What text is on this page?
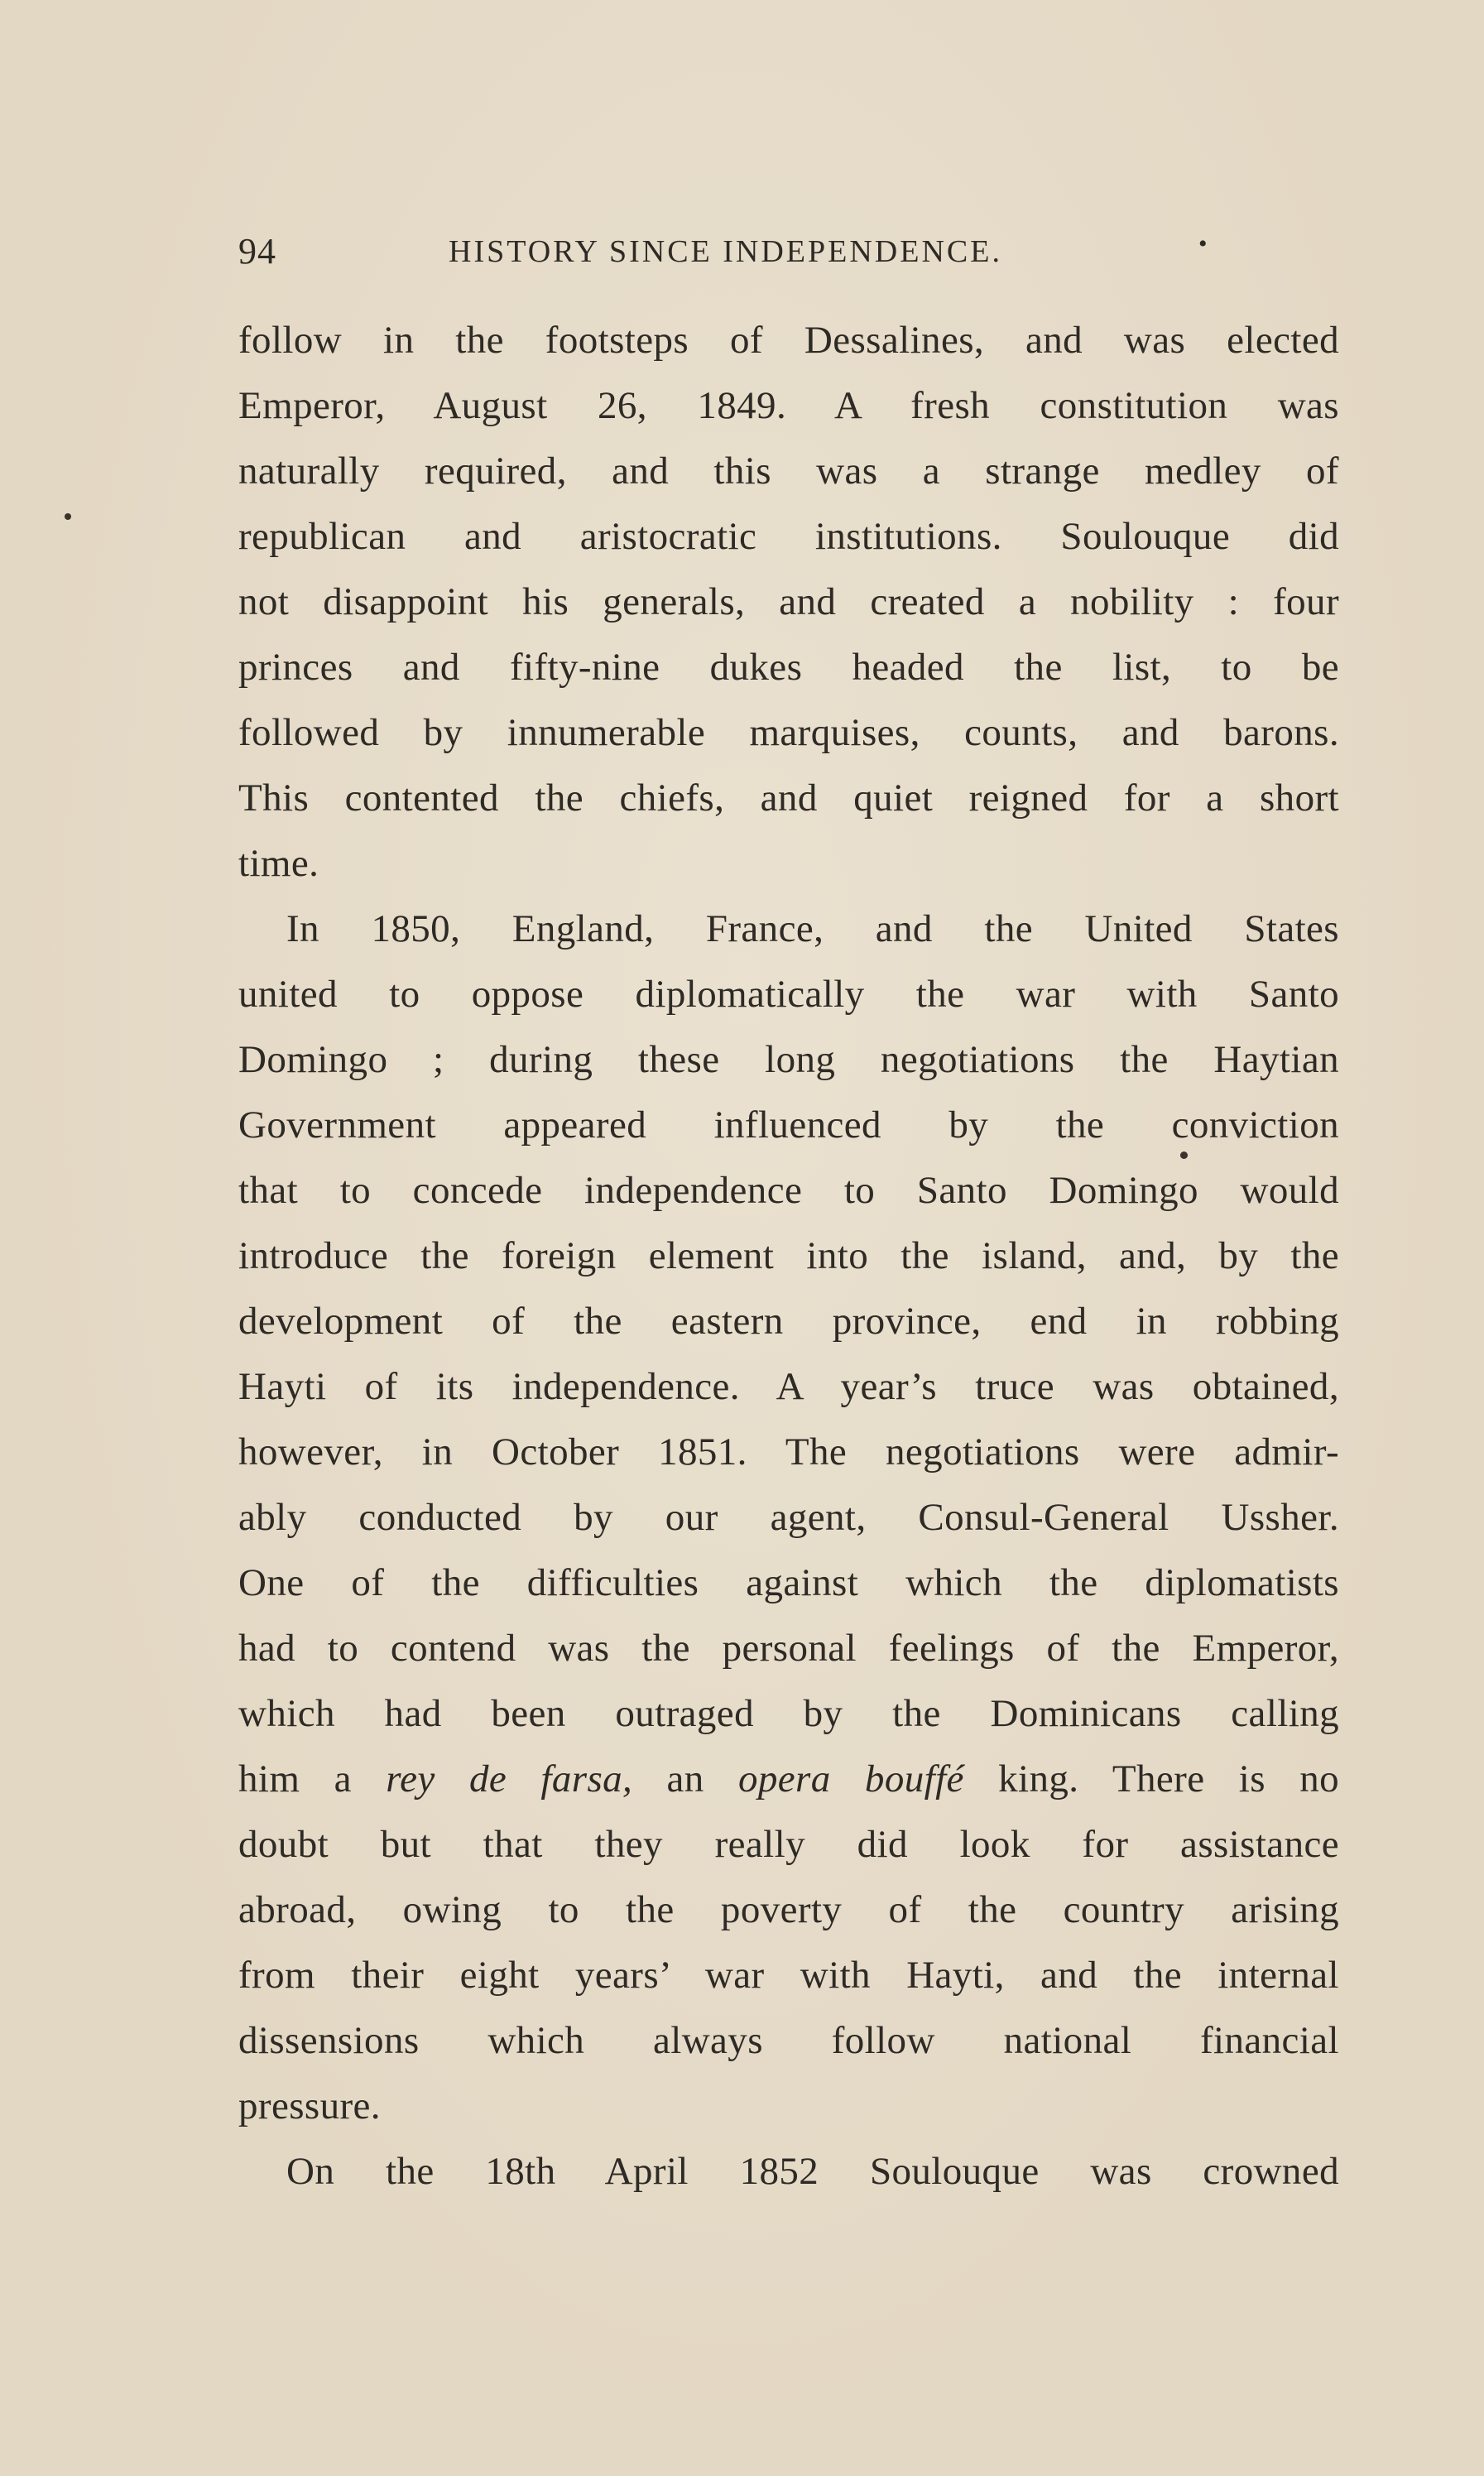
94	HISTORY SINCE INDEPENDENCE.	•
follow in the footsteps of Dessalines, and was elected
Emperor, August 26, 1849. A fresh constitution was
naturally required, and this was a strange medley of
republican and aristocratic institutions. Soulouque did
not disappoint his generals, and created a nobility : four
princes and fifty-nine dukes headed the list, to be
followed by innumerable marquises, counts, and barons.
This contented the chiefs, and quiet reigned for a short
time.
In 1850, England, France, and the United States
united to oppose diplomatically the war with Santo
Domingo ; during these long negotiations the Haytian
Government appeared influenced by the conviction
that to concede independence to Santo Domingo would
introduce the foreign element into the island, and, by the
development of the eastern province, end in robbing
Hayti of its independence. A year’s truce was obtained,
however, in October 1851. The negotiations were admir-
ably conducted by our agent, Consul-General Ussher.
One of the difficulties against which the diplomatists
had to contend was the personal feelings of the Emperor,
which had been outraged by the Dominicans calling
him a rey de farsa, an opera bouffé king. There is no
doubt but that they really did look for assistance
abroad, owing to the poverty of the country arising
from their eight years’ war with Hayti, and the internal
dissensions which always follow national financial
pressure.
On the 18th April 1852 Soulouque was crowned
